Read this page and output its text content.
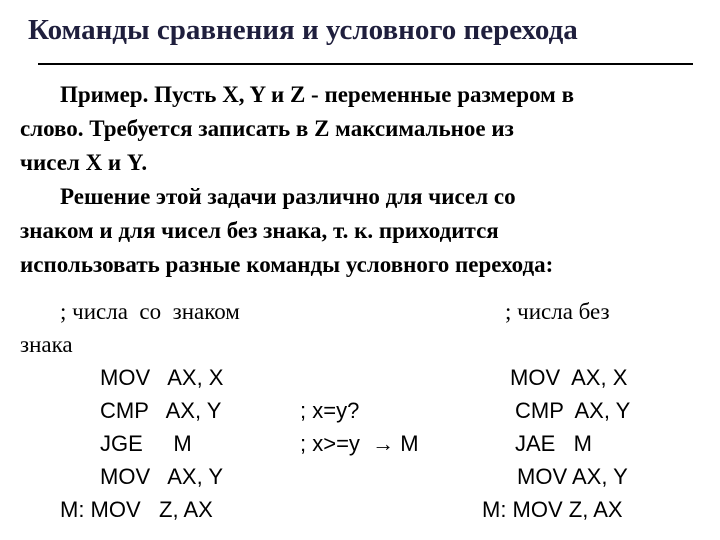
Команды сравнения и условного перехода
Пример. Пусть X, Y и Z - переменные размером в
слово. Требуется записать в Z максимальное из
чисел X и Y.
Решение этой задачи различно для чисел со
знаком и для чисел без знака, т. к. приходится
использовать разные команды условного перехода:
; числа  со  знаком
знака
MOV   AX, X
CMP   AX, Y
JGE     M
MOV   AX, Y
M: MOV   Z, AX
; x=y?
; x>=y  → M
; числа без
MOV  AX, X
CMP  AX, Y
JAE   M
MOV AX, Y
M: MOV Z, AX
